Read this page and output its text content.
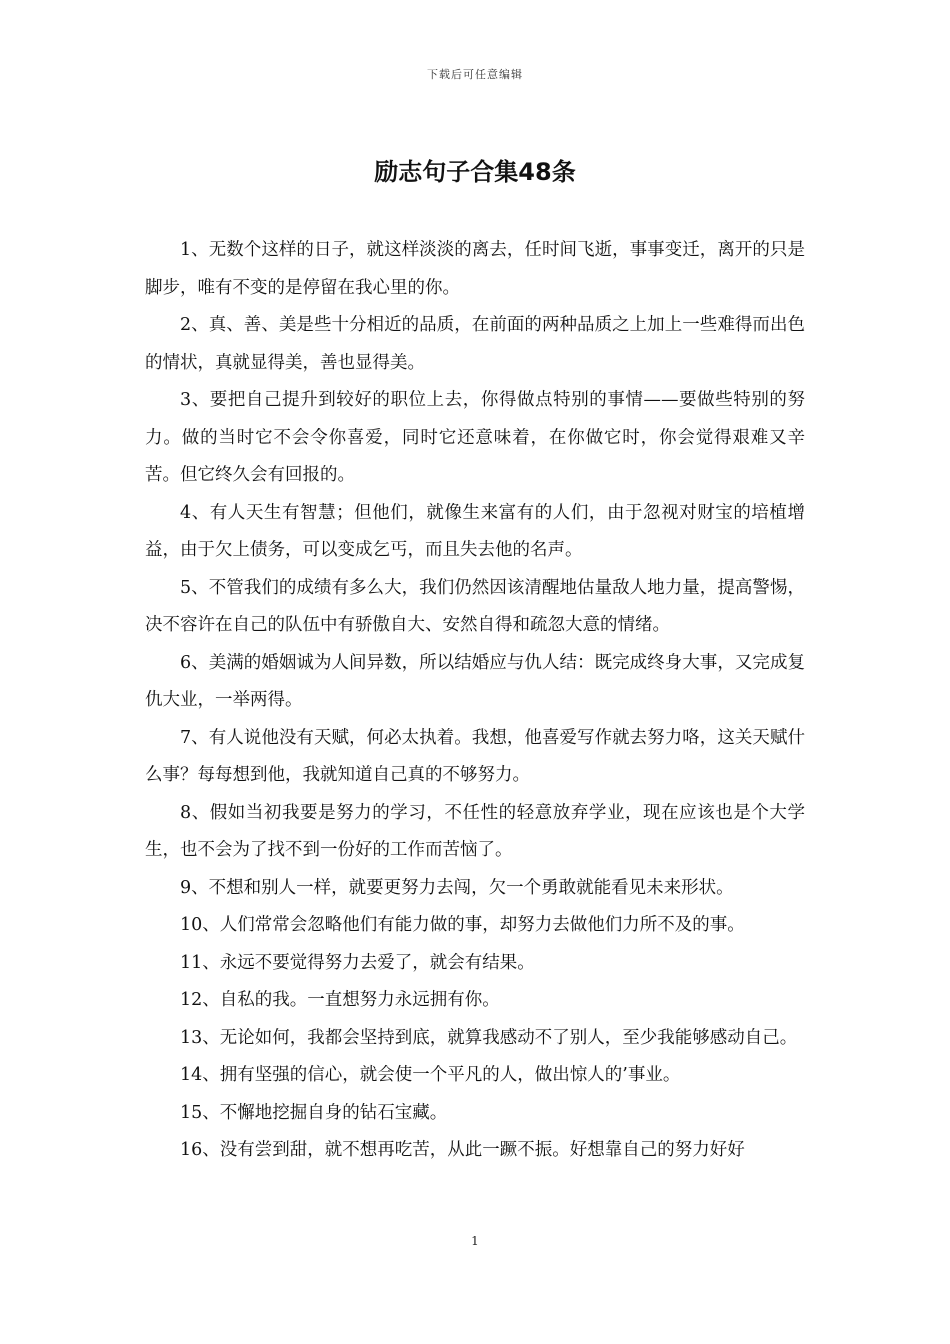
下载后可任意编辑
励志句子合集48条

1、无数个这样的日子，就这样淡淡的离去，任时间飞逝，事事变迁，离开的只是脚步，唯有不变的是停留在我心里的你。

2、真、善、美是些十分相近的品质，在前面的两种品质之上加上一些难得而出色的情状，真就显得美，善也显得美。

3、要把自己提升到较好的职位上去，你得做点特别的事情——要做些特别的努力。做的当时它不会令你喜爱，同时它还意味着，在你做它时，你会觉得艰难又辛苦。但它终久会有回报的。

4、有人天生有智慧；但他们，就像生来富有的人们，由于忽视对财宝的培植增益，由于欠上债务，可以变成乞丐，而且失去他的名声。

5、不管我们的成绩有多么大，我们仍然因该清醒地估量敌人地力量，提高警惕，决不容许在自己的队伍中有骄傲自大、安然自得和疏忽大意的情绪。

6、美满的婚姻诚为人间异数，所以结婚应与仇人结：既完成终身大事，又完成复仇大业，一举两得。

7、有人说他没有天赋，何必太执着。我想，他喜爱写作就去努力咯，这关天赋什么事？每每想到他，我就知道自己真的不够努力。

8、假如当初我要是努力的学习，不任性的轻意放弃学业，现在应该也是个大学生，也不会为了找不到一份好的工作而苦恼了。

9、不想和别人一样，就要更努力去闯，欠一个勇敢就能看见未来形状。

10、人们常常会忽略他们有能力做的事，却努力去做他们力所不及的事。

11、永远不要觉得努力去爱了，就会有结果。

12、自私的我。一直想努力永远拥有你。

13、无论如何，我都会坚持到底，就算我感动不了别人，至少我能够感动自己。

14、拥有坚强的信心，就会使一个平凡的人，做出惊人的’事业。

15、不懈地挖掘自身的钻石宝藏。

16、没有尝到甜，就不想再吃苦，从此一蹶不振。好想靠自己的努力好好

1
